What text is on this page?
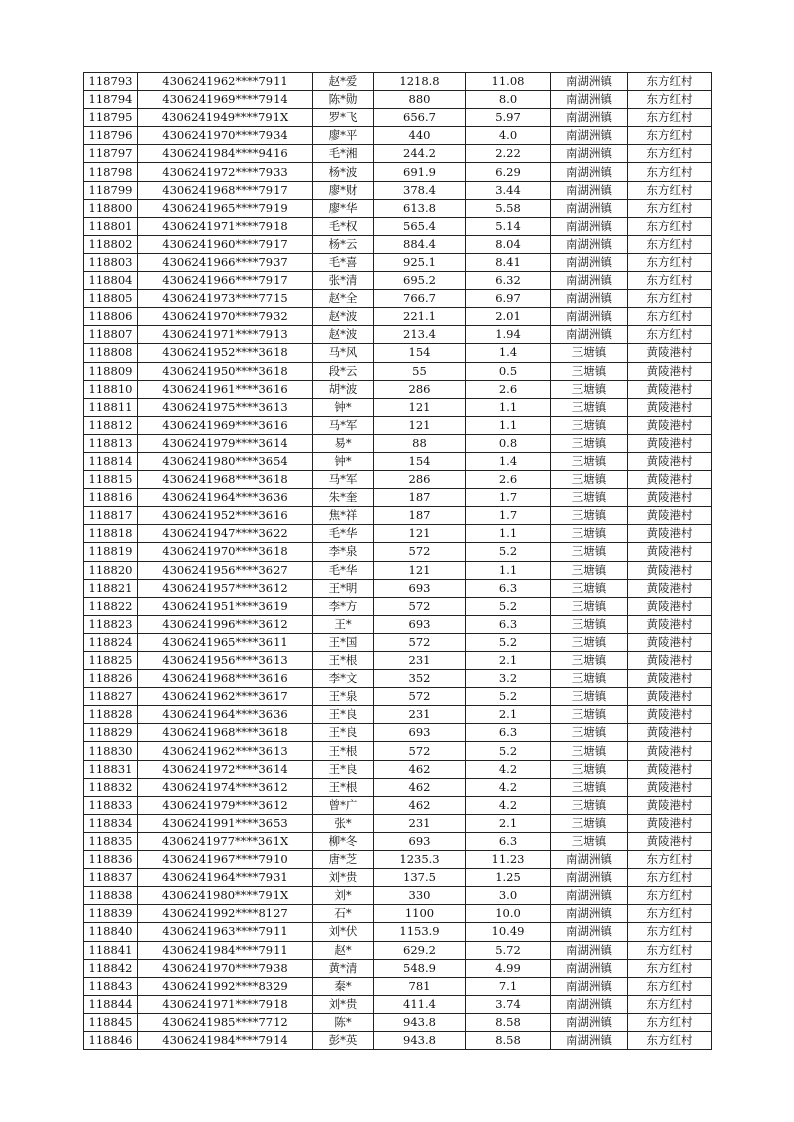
118793	4306241962****7911	赵*爱	1218.8	11.08	南湖洲镇	东方红村
118794	4306241969****7914	陈*勋	880	8.0	南湖洲镇	东方红村
118795	4306241949****791X	罗*飞	656.7	5.97	南湖洲镇	东方红村
118796	4306241970****7934	廖*平	440	4.0	南湖洲镇	东方红村
118797	4306241984****9416	毛*湘	244.2	2.22	南湖洲镇	东方红村
118798	4306241972****7933	杨*波	691.9	6.29	南湖洲镇	东方红村
118799	4306241968****7917	廖*财	378.4	3.44	南湖洲镇	东方红村
118800	4306241965****7919	廖*华	613.8	5.58	南湖洲镇	东方红村
118801	4306241971****7918	毛*权	565.4	5.14	南湖洲镇	东方红村
118802	4306241960****7917	杨*云	884.4	8.04	南湖洲镇	东方红村
118803	4306241966****7937	毛*喜	925.1	8.41	南湖洲镇	东方红村
118804	4306241966****7917	张*清	695.2	6.32	南湖洲镇	东方红村
118805	4306241973****7715	赵*全	766.7	6.97	南湖洲镇	东方红村
118806	4306241970****7932	赵*波	221.1	2.01	南湖洲镇	东方红村
118807	4306241971****7913	赵*波	213.4	1.94	南湖洲镇	东方红村
118808	4306241952****3618	马*风	154	1.4	三塘镇	黄陵港村
118809	4306241950****3618	段*云	55	0.5	三塘镇	黄陵港村
118810	4306241961****3616	胡*波	286	2.6	三塘镇	黄陵港村
118811	4306241975****3613	钟*	121	1.1	三塘镇	黄陵港村
118812	4306241969****3616	马*军	121	1.1	三塘镇	黄陵港村
118813	4306241979****3614	易*	88	0.8	三塘镇	黄陵港村
118814	4306241980****3654	钟*	154	1.4	三塘镇	黄陵港村
118815	4306241968****3618	马*军	286	2.6	三塘镇	黄陵港村
118816	4306241964****3636	朱*奎	187	1.7	三塘镇	黄陵港村
118817	4306241952****3616	焦*祥	187	1.7	三塘镇	黄陵港村
118818	4306241947****3622	毛*华	121	1.1	三塘镇	黄陵港村
118819	4306241970****3618	李*泉	572	5.2	三塘镇	黄陵港村
118820	4306241956****3627	毛*华	121	1.1	三塘镇	黄陵港村
118821	4306241957****3612	王*明	693	6.3	三塘镇	黄陵港村
118822	4306241951****3619	李*方	572	5.2	三塘镇	黄陵港村
118823	4306241996****3612	王*	693	6.3	三塘镇	黄陵港村
118824	4306241965****3611	王*国	572	5.2	三塘镇	黄陵港村
118825	4306241956****3613	王*根	231	2.1	三塘镇	黄陵港村
118826	4306241968****3616	李*文	352	3.2	三塘镇	黄陵港村
118827	4306241962****3617	王*泉	572	5.2	三塘镇	黄陵港村
118828	4306241964****3636	王*良	231	2.1	三塘镇	黄陵港村
118829	4306241968****3618	王*良	693	6.3	三塘镇	黄陵港村
118830	4306241962****3613	王*根	572	5.2	三塘镇	黄陵港村
118831	4306241972****3614	王*良	462	4.2	三塘镇	黄陵港村
118832	4306241974****3612	王*根	462	4.2	三塘镇	黄陵港村
118833	4306241979****3612	曾*广	462	4.2	三塘镇	黄陵港村
118834	4306241991****3653	张*	231	2.1	三塘镇	黄陵港村
118835	4306241977****361X	柳*冬	693	6.3	三塘镇	黄陵港村
118836	4306241967****7910	唐*芝	1235.3	11.23	南湖洲镇	东方红村
118837	4306241964****7931	刘*贵	137.5	1.25	南湖洲镇	东方红村
118838	4306241980****791X	刘*	330	3.0	南湖洲镇	东方红村
118839	4306241992****8127	石*	1100	10.0	南湖洲镇	东方红村
118840	4306241963****7911	刘*伏	1153.9	10.49	南湖洲镇	东方红村
118841	4306241984****7911	赵*	629.2	5.72	南湖洲镇	东方红村
118842	4306241970****7938	黄*清	548.9	4.99	南湖洲镇	东方红村
118843	4306241992****8329	秦*	781	7.1	南湖洲镇	东方红村
118844	4306241971****7918	刘*贵	411.4	3.74	南湖洲镇	东方红村
118845	4306241985****7712	陈*	943.8	8.58	南湖洲镇	东方红村
118846	4306241984****7914	彭*英	943.8	8.58	南湖洲镇	东方红村
